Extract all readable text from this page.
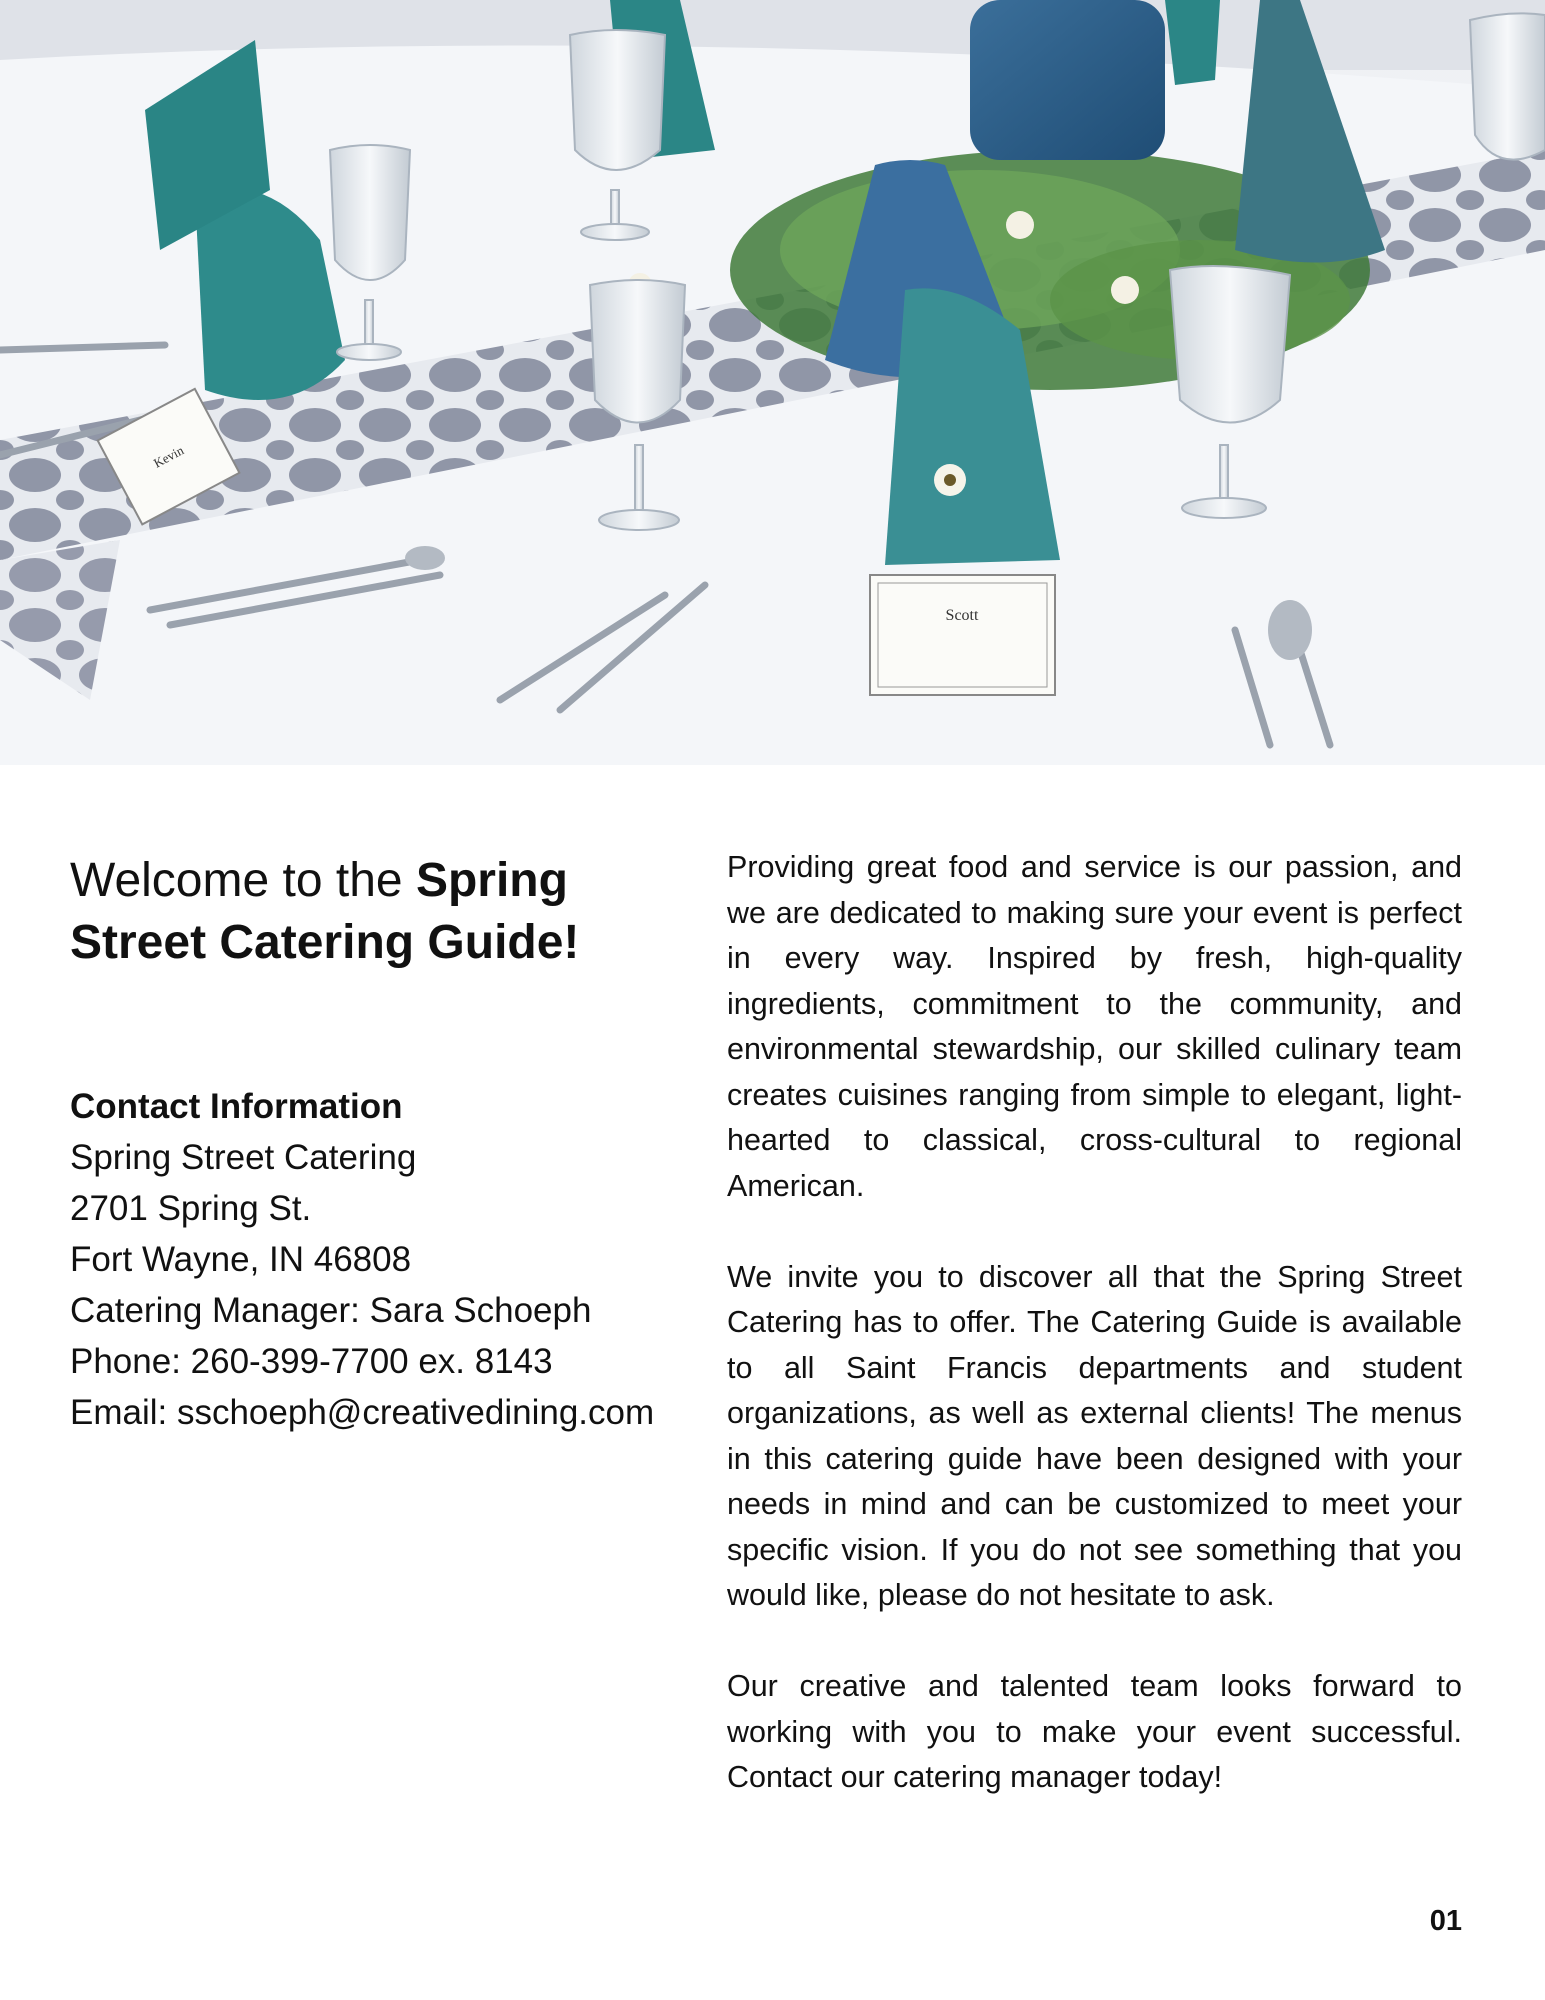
Scott
Kevin
Welcome to the Spring Street Catering Guide!

Contact Information

Spring Street Catering

2701 Spring St.

Fort Wayne, IN 46808

Catering Manager: Sara Schoeph

Phone: 260-399-7700 ex. 8143

Email: sschoeph@creativedining.com

Providing great food and service is our passion, and we are dedicated to making sure your event is perfect in every way. Inspired by fresh, high-quality ingredients, commitment to the community, and environmental stewardship, our skilled culinary team creates cuisines ranging from simple to elegant, light-hearted to classical, cross-cultural to regional American.

We invite you to discover all that the Spring Street Catering has to offer. The Catering Guide is available to all Saint Francis departments and student organizations, as well as external clients! The menus in this catering guide have been designed with your needs in mind and can be customized to meet your specific vision. If you do not see something that you would like, please do not hesitate to ask.

Our creative and talented team looks forward to working with you to make your event successful. Contact our catering manager today!

01
